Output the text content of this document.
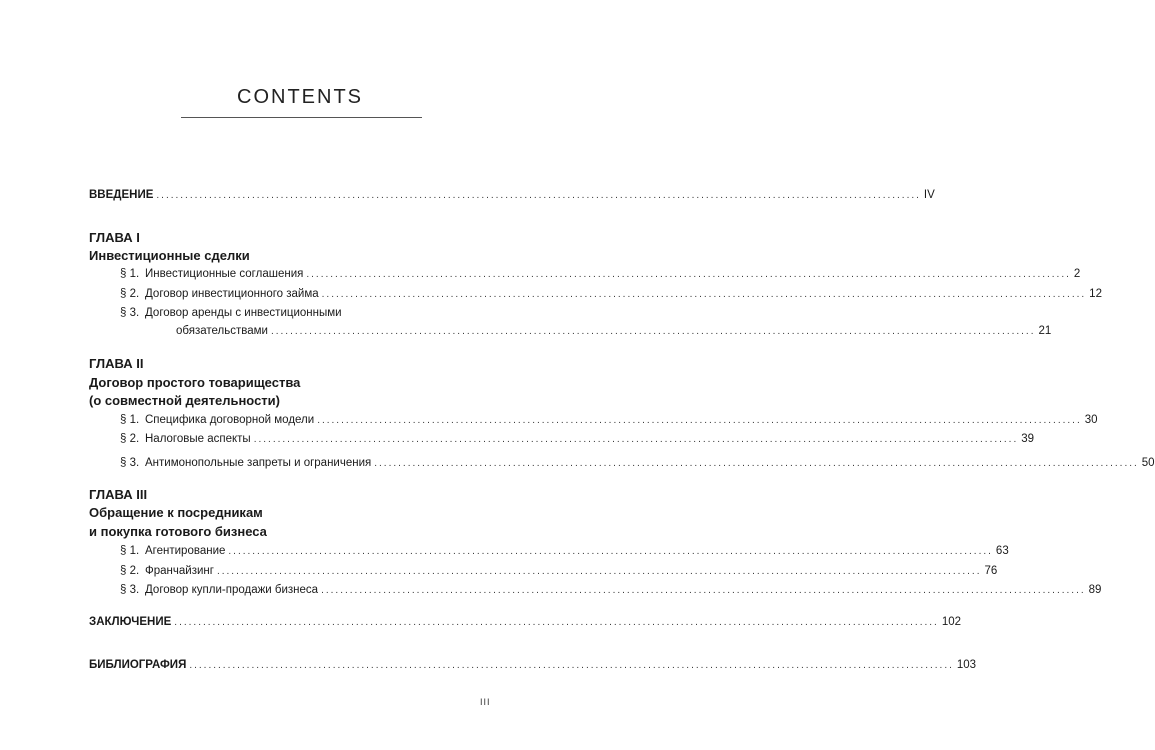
CONTENTS
ВВЕДЕНИЕ ................................................................................................................................................................ IV
ГЛАВА I
Инвестиционные сделки
§ 1. Инвестиционные соглашения ................................................................................................................................................................ 2
§ 2. Договор инвестиционного займа ................................................................................................................................................................ 12
§ 3. Договор аренды с инвестиционными
обязательствами ................................................................................................................................................................ 21
ГЛАВА II
Договор простого товарищества
(о совместной деятельности)
§ 1. Специфика договорной модели ................................................................................................................................................................ 30
§ 2. Налоговые аспекты ................................................................................................................................................................ 39
§ 3. Антимонопольные запреты и ограничения ................................................................................................................................................................ 50
ГЛАВА III
Обращение к посредникам
и покупка готового бизнеса
§ 1. Агентирование ................................................................................................................................................................ 63
§ 2. Франчайзинг ................................................................................................................................................................ 76
§ 3. Договор купли-продажи бизнеса ................................................................................................................................................................ 89
ЗАКЛЮЧЕНИЕ ................................................................................................................................................................ 102
БИБЛИОГРАФИЯ ................................................................................................................................................................ 103
III
